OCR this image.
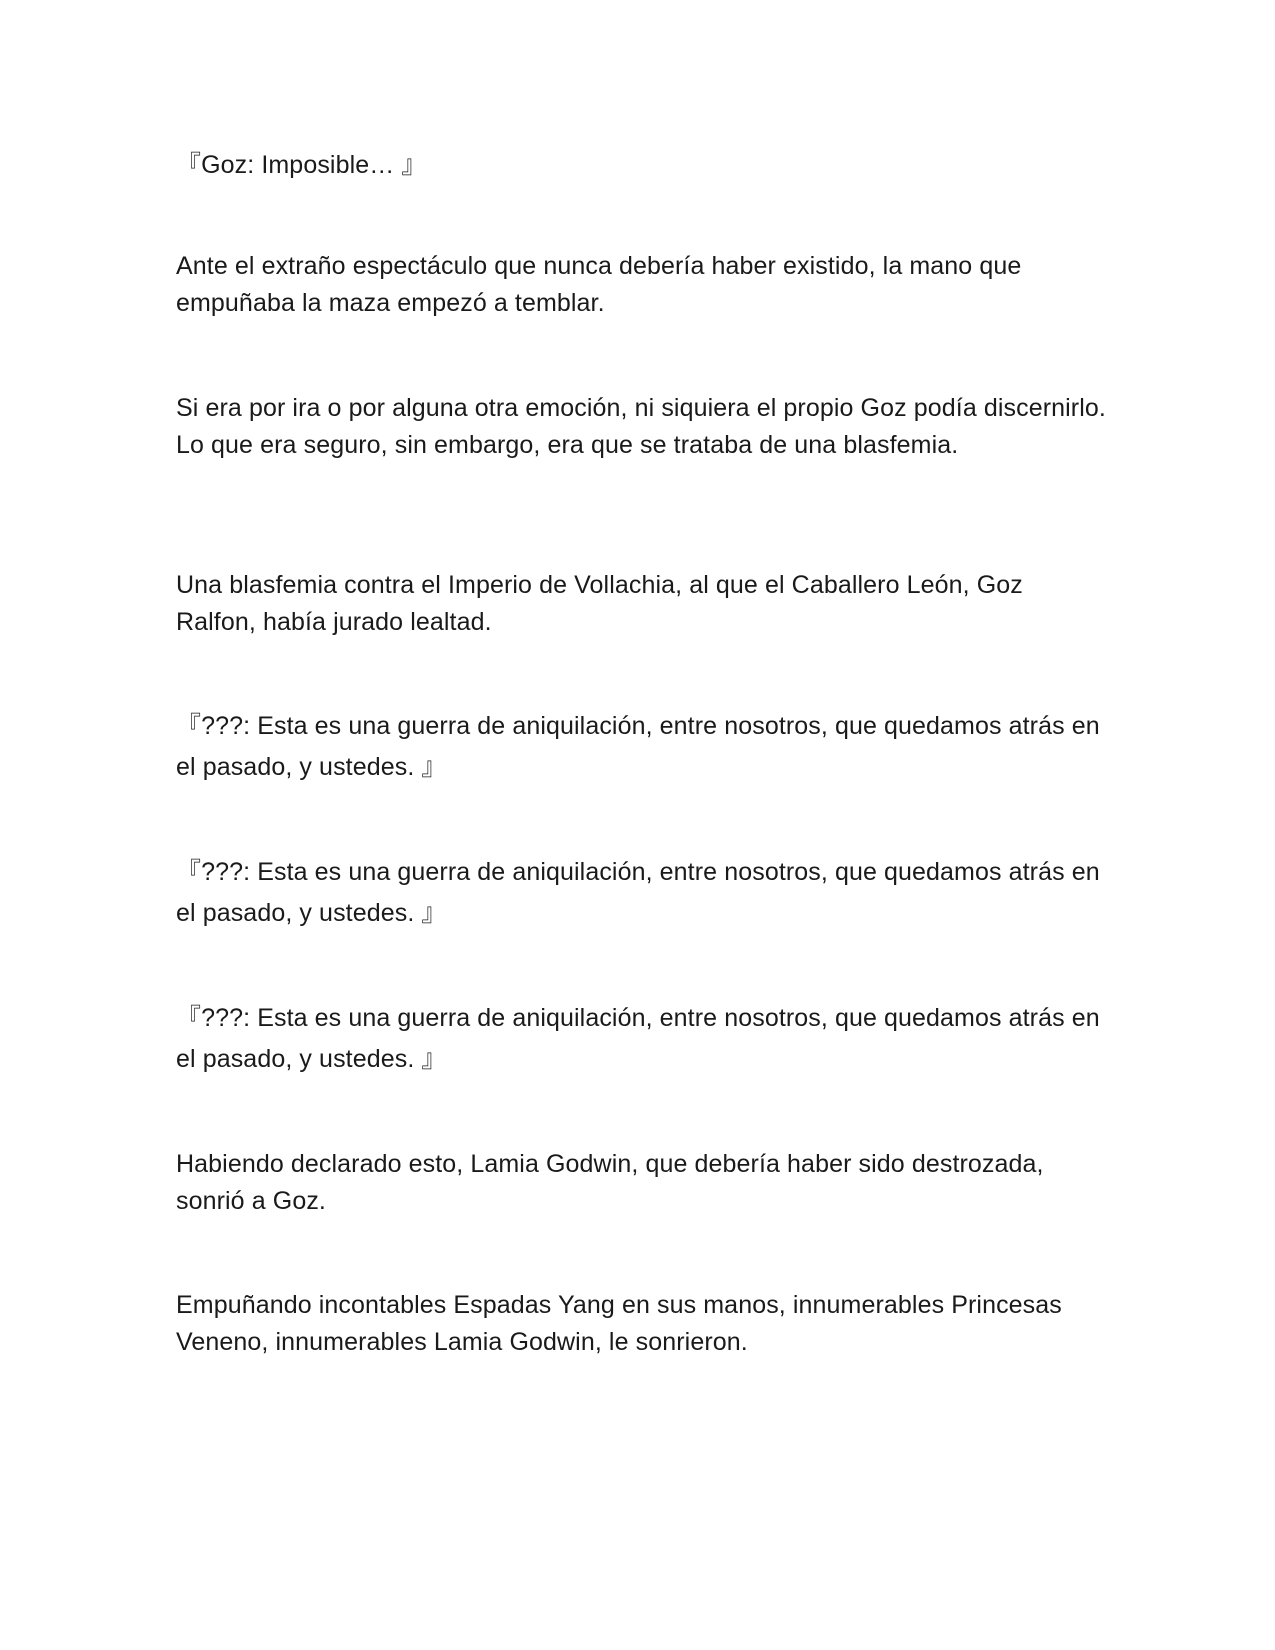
『Goz: Imposible… 』

Ante el extraño espectáculo que nunca debería haber existido, la mano que empuñaba la maza empezó a temblar.

Si era por ira o por alguna otra emoción, ni siquiera el propio Goz podía discernirlo. Lo que era seguro, sin embargo, era que se trataba de una blasfemia.

Una blasfemia contra el Imperio de Vollachia, al que el Caballero León, Goz Ralfon, había jurado lealtad.

『???: Esta es una guerra de aniquilación, entre nosotros, que quedamos atrás en el pasado, y ustedes. 』

『???: Esta es una guerra de aniquilación, entre nosotros, que quedamos atrás en el pasado, y ustedes. 』

『???: Esta es una guerra de aniquilación, entre nosotros, que quedamos atrás en el pasado, y ustedes. 』

Habiendo declarado esto, Lamia Godwin, que debería haber sido destrozada, sonrió a Goz.

Empuñando incontables Espadas Yang en sus manos, innumerables Princesas Veneno, innumerables Lamia Godwin, le sonrieron.
